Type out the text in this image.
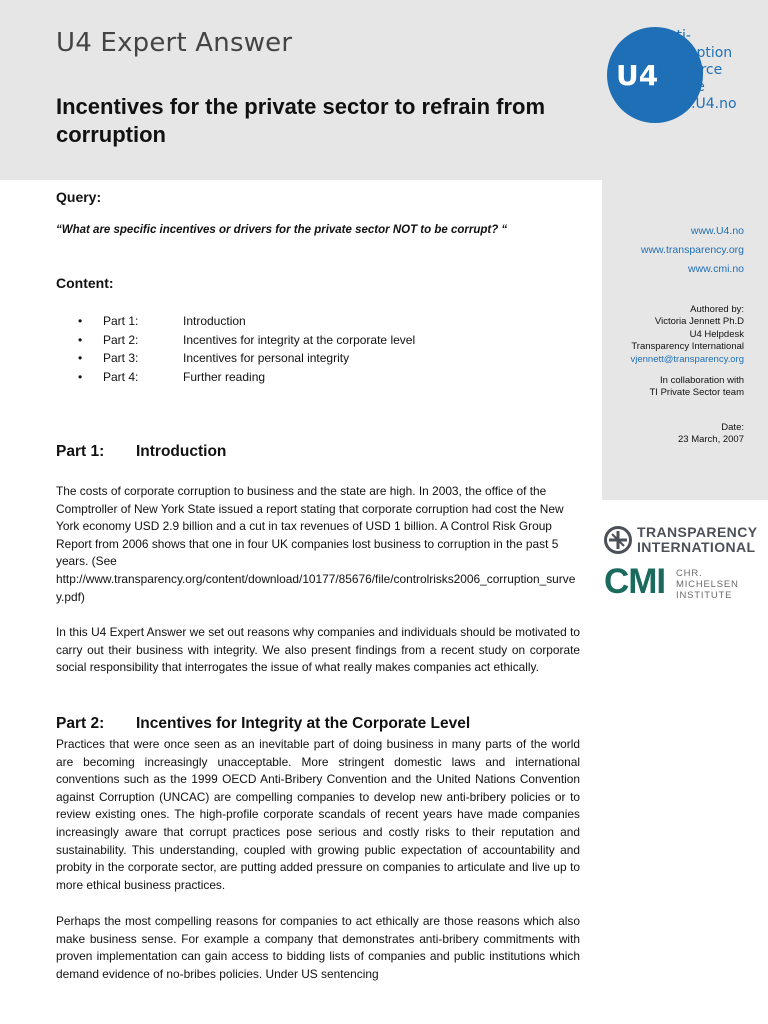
U4 Expert Answer
Incentives for the private sector to refrain from corruption
U4
Anti-
Corruption
Resource
Centre
www.U4.no
www.U4.no
www.transparency.org
www.cmi.no
Authored by:
Victoria Jennett Ph.D
U4 Helpdesk
Transparency International
vjennett@transparency.org
In collaboration with
TI Private Sector team
Date:
23 March, 2007
TRANSPARENCY
INTERNATIONAL
CMI CHR.
MICHELSEN
INSTITUTE
Query:
“What are specific incentives or drivers for the private sector NOT to be corrupt? “
Content:
•	Part 1:	Introduction
•	Part 2:	Incentives for integrity at the corporate level
•	Part 3:	Incentives for personal integrity
•	Part 4:	Further reading
Part 1: Introduction

The costs of corporate corruption to business and the state are high. In 2003, the office of the Comptroller of New York State issued a report stating that corporate corruption had cost the New York economy USD 2.9 billion and a cut in tax revenues of USD 1 billion. A Control Risk Group Report from 2006 shows that one in four UK companies lost business to corruption in the past 5 years. (See http://www.transparency.org/content/download/10177/85676/file/controlrisks2006_corruption_survey.pdf)

In this U4 Expert Answer we set out reasons why companies and individuals should be motivated to carry out their business with integrity. We also present findings from a recent study on corporate social responsibility that interrogates the issue of what really makes companies act ethically.

Part 2: Incentives for Integrity at the Corporate Level

Practices that were once seen as an inevitable part of doing business in many parts of the world are becoming increasingly unacceptable. More stringent domestic laws and international conventions such as the 1999 OECD Anti-Bribery Convention and the United Nations Convention against Corruption (UNCAC) are compelling companies to develop new anti-bribery policies or to review existing ones. The high-profile corporate scandals of recent years have made companies increasingly aware that corrupt practices pose serious and costly risks to their reputation and sustainability. This understanding, coupled with growing public expectation of accountability and probity in the corporate sector, are putting added pressure on companies to articulate and live up to more ethical business practices.

Perhaps the most compelling reasons for companies to act ethically are those reasons which also make business sense. For example a company that demonstrates anti-bribery commitments with proven implementation can gain access to bidding lists of companies and public institutions which demand evidence of no-bribes policies. Under US sentencing
